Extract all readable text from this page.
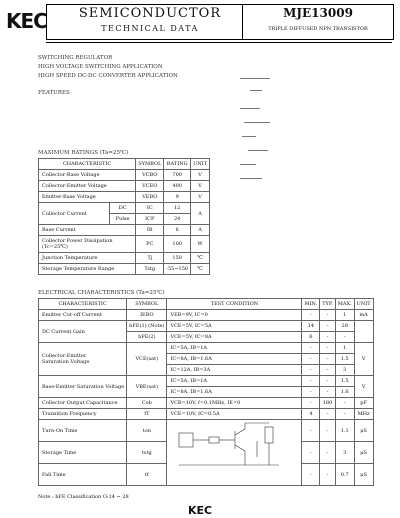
KEC	SEMICONDUCTOR
TECHNICAL DATA
MJE13009
TRIPLE DIFFUSED NPN TRANSISTOR
SWITCHING REGULATOR
HIGH VOLTAGE SWITCHING APPLICATION
HIGH SPEED DC-DC CONVERTER APPLICATION
FEATURES
MAXIMUM RATINGS (Ta=25℃)
CHARACTERISTIC		SYMBOL	RATING	UNIT
Collector-Base Voltage		VCBO	700	V
Collector-Emitter Voltage		VCEO	400	V
Emitter-Base Voltage		VEBO	9	V
Collector Current	DC	IC	12	A
	Pulse	ICP	24	
Base Current		IB	6	A
Collector Power Dissipation (Tc=25℃)		PC	100	W
Junction Temperature		Tj	150	℃
Storage Temperature Range		Tstg	-55~150	℃
ELECTRICAL CHARACTERISTICS (Ta=25℃)
CHARACTERISTIC	SYMBOL	TEST CONDITION	MIN.	TYP.	MAX.	UNIT
Emitter Cut-off Current	IEBO	VEB=9V, IC=0	-	-	1	mA
DC Current Gain	hFE(1) (Note)	VCE=5V, IC=5A	14	-	28	
	hFE(2)	VCE=5V, IC=8A	6	-	-	
Collector-Emitter
Saturation Voltage	VCE(sat)	IC=5A, IB=1A	-	-	1	V
		IC=8A, IB=1.6A	-	-	1.5	
		IC=12A, IB=3A	-	-	3	
Base-Emitter Saturation Voltage	VBE(sat)	IC=5A, IB=1A	-	-	1.5	V
		IC=8A, IB=1.6A	-	-	1.6	
Collector Output Capacitance	Cob	VCB=10V, f=0.1MHz, IE=0	-	180	-	pF
Transition Frequency	fT	VCE=10V, IC=0.5A	4	-	-	MHz
Turn-On Time	ton		-	-	1.1	μS
Storage Time	tstg		-	-	3	μS
Fall Time	tf		-	-	0.7	μS
Note : hFE Classification O:14 ~ 28
KEC
